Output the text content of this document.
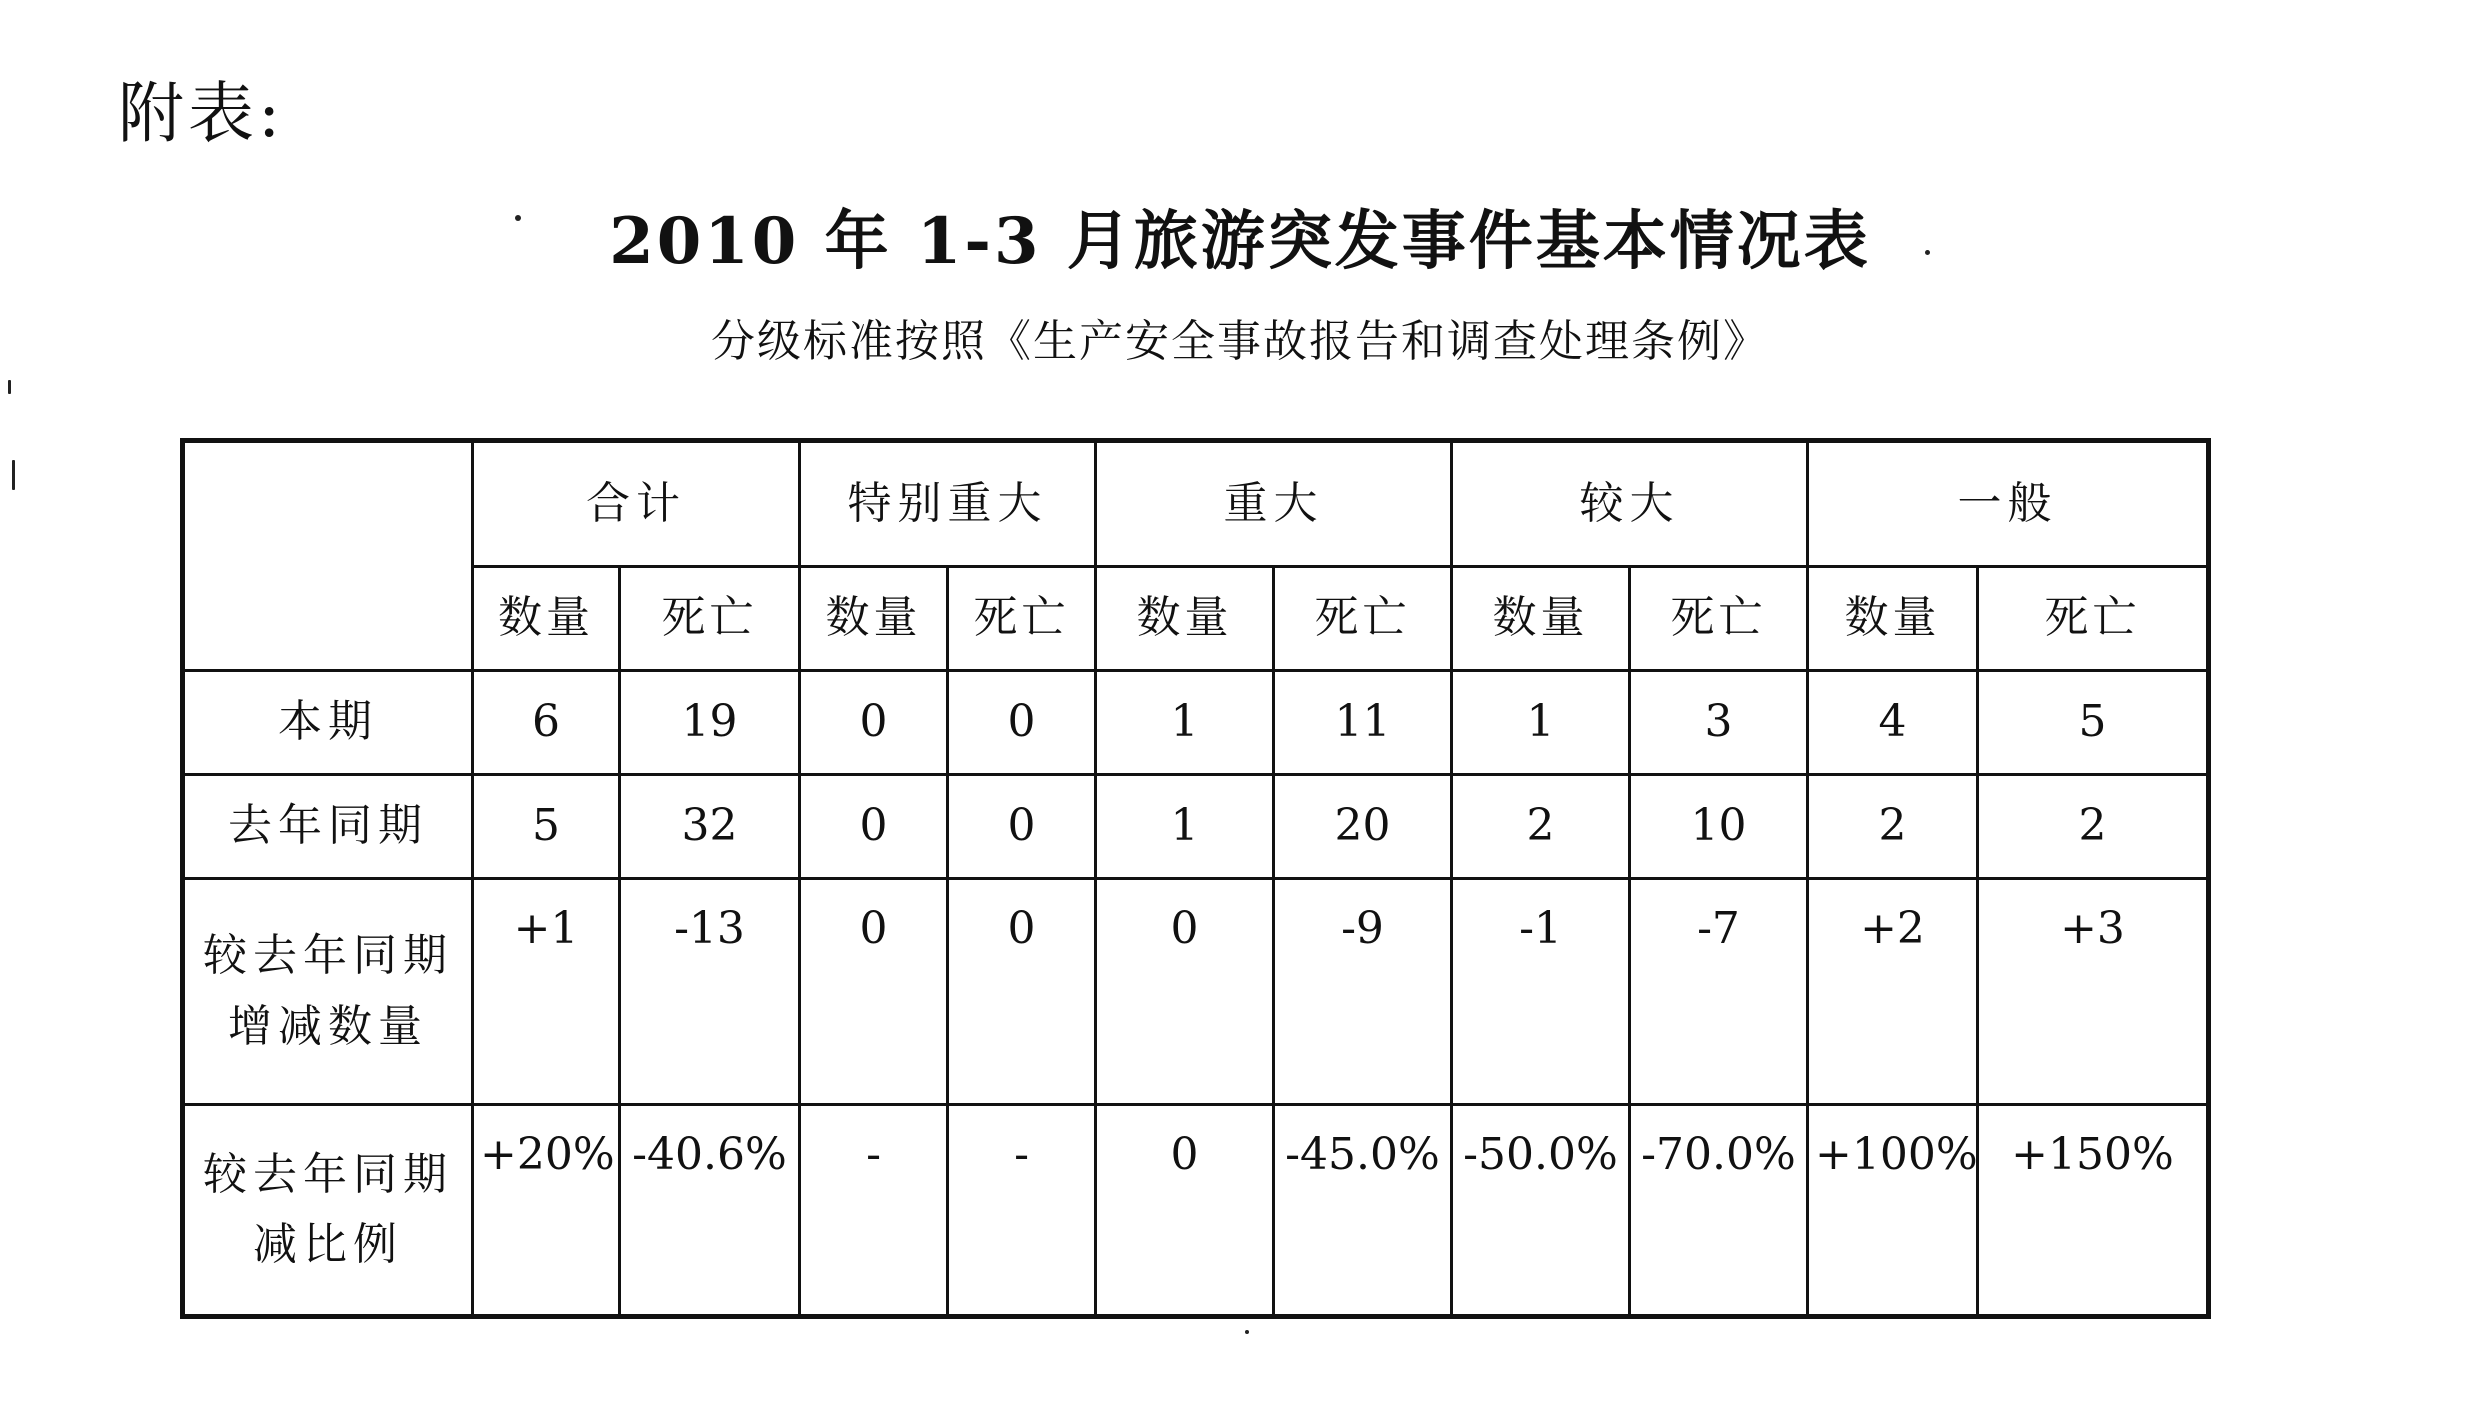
附表:
2010 年 1-3 月旅游突发事件基本情况表
分级标准按照《生产安全事故报告和调查处理条例》
	合计		特别重大		重大		较大		一般	
	数量	死亡	数量	死亡	数量	死亡	数量	死亡	数量	死亡
本期	6	19	0	0	1	11	1	3	4	5
去年同期	5	32	0	0	1	20	2	10	2	2
较去年同期增减数量	+1	-13	0	0	0	-9	-1	-7	+2	+3
较去年同期减比例	+20%	-40.6%	-	-	0	-45.0%	-50.0%	-70.0%	+100%	+150%
